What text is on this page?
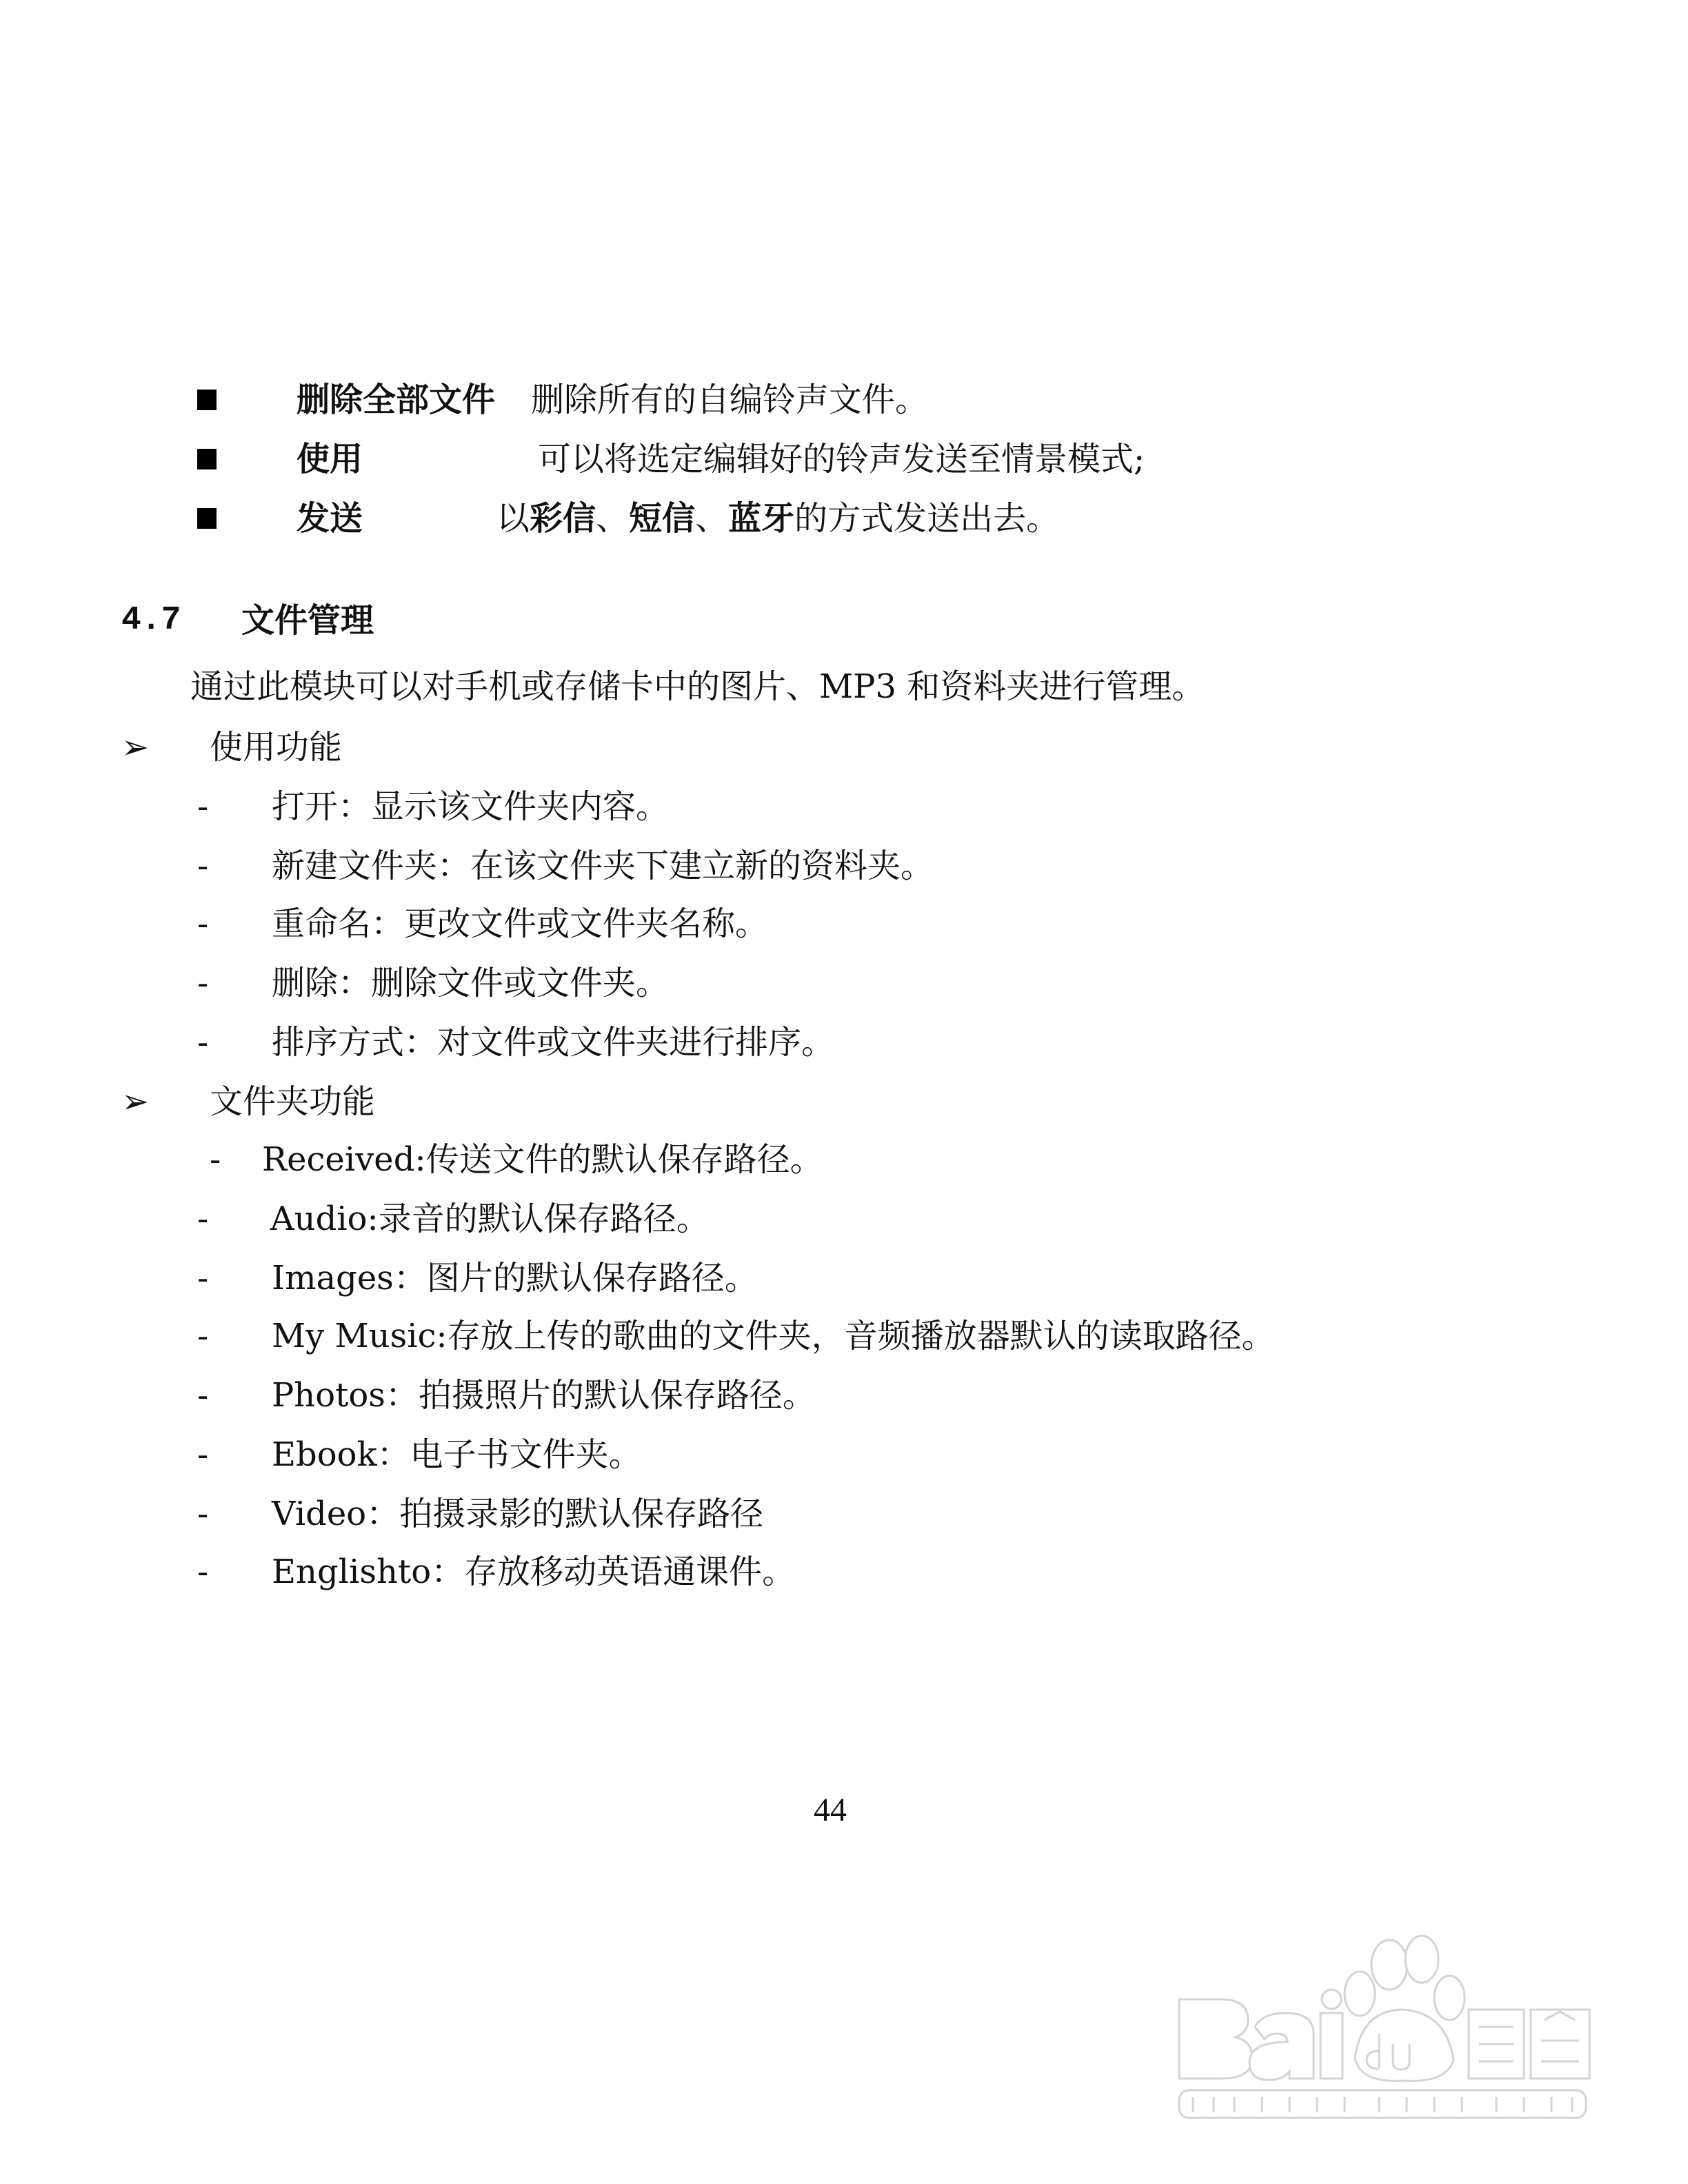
删除全部文件 删除所有的自编铃声文件。
使用	可以将选定编辑好的铃声发送至情景模式;
发送	以彩信、短信、蓝牙的方式发送出去。
4.7 文件管理
通过此模块可以对手机或存储卡中的图片、MP3 和资料夹进行管理。
➢ 使用功能
➢ 文件夹功能
- 打开：显示该文件夹内容。
- 新建文件夹：在该文件夹下建立新的资料夹。
- 重命名：更改文件或文件夹名称。
- 删除：删除文件或文件夹。
- 排序方式：对文件或文件夹进行排序。
- Received:传送文件的默认保存路径。
- Audio:录音的默认保存路径。
- Images：图片的默认保存路径。
- My Music:存放上传的歌曲的文件夹，音频播放器默认的读取路径。
- Photos：拍摄照片的默认保存路径。
- Ebook：电子书文件夹。
- Video：拍摄录影的默认保存路径
- Englishto：存放移动英语通课件。
44
